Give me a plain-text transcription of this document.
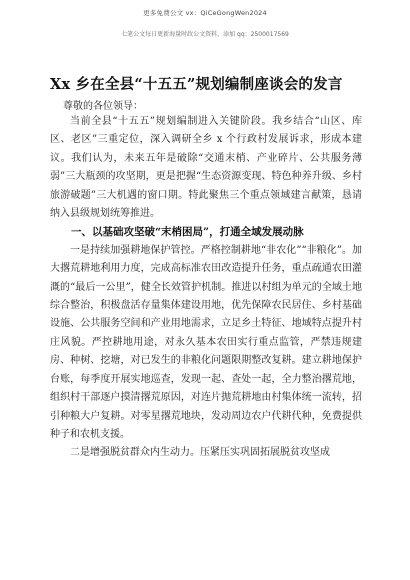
更多免费公文 vx：QiCeGongWen2024
七笔公文每日更新海量时政公文资料，添加 qq：2500017569
Xx 乡在全县“十五五”规划编制座谈会的发言
尊敬的各位领导：

当前全县“十五五”规划编制进入关键阶段。我乡结合“山区、库区、老区”三重定位，深入调研全乡 x 个行政村发展诉求，形成本建议。我们认为，未来五年是破除“交通末梢、产业碎片、公共服务薄弱”三大瓶颈的攻坚期，更是把握“生态资源变现、特色种养升级、乡村旅游破题”三大机遇的窗口期。特此聚焦三个重点领域建言献策，恳请纳入县级规划统筹推进。

一、以基础攻坚破“末梢困局”，打通全域发展动脉

一是持续加强耕地保护管控。严格控制耕地“非农化”“非粮化”。加大撂荒耕地利用力度，完成高标准农田改造提升任务，重点疏通农田灌溉的“最后一公里”，健全长效管护机制。推进以村组为单元的全域土地综合整治，积极盘活存量集体建设用地，优先保障农民居住、乡村基础设施、公共服务空间和产业用地需求，立足乡土特征、地域特点提升村庄风貌。严控耕地用途，对永久基本农田实行重点监管，严禁违规建房、种树、挖塘，对已发生的非粮化问题限期整改复耕。建立耕地保护台账，每季度开展实地巡查，发现一起、查处一起，全力整治撂荒地，组织村干部逐户摸清撂荒原因，对连片抛荒耕地由村集体统一流转，招引种粮大户复耕。对零星撂荒地块，发动周边农户代耕代种，免费提供种子和农机支援。

二是增强脱贫群众内生动力。压紧压实巩固拓展脱贫攻坚成
